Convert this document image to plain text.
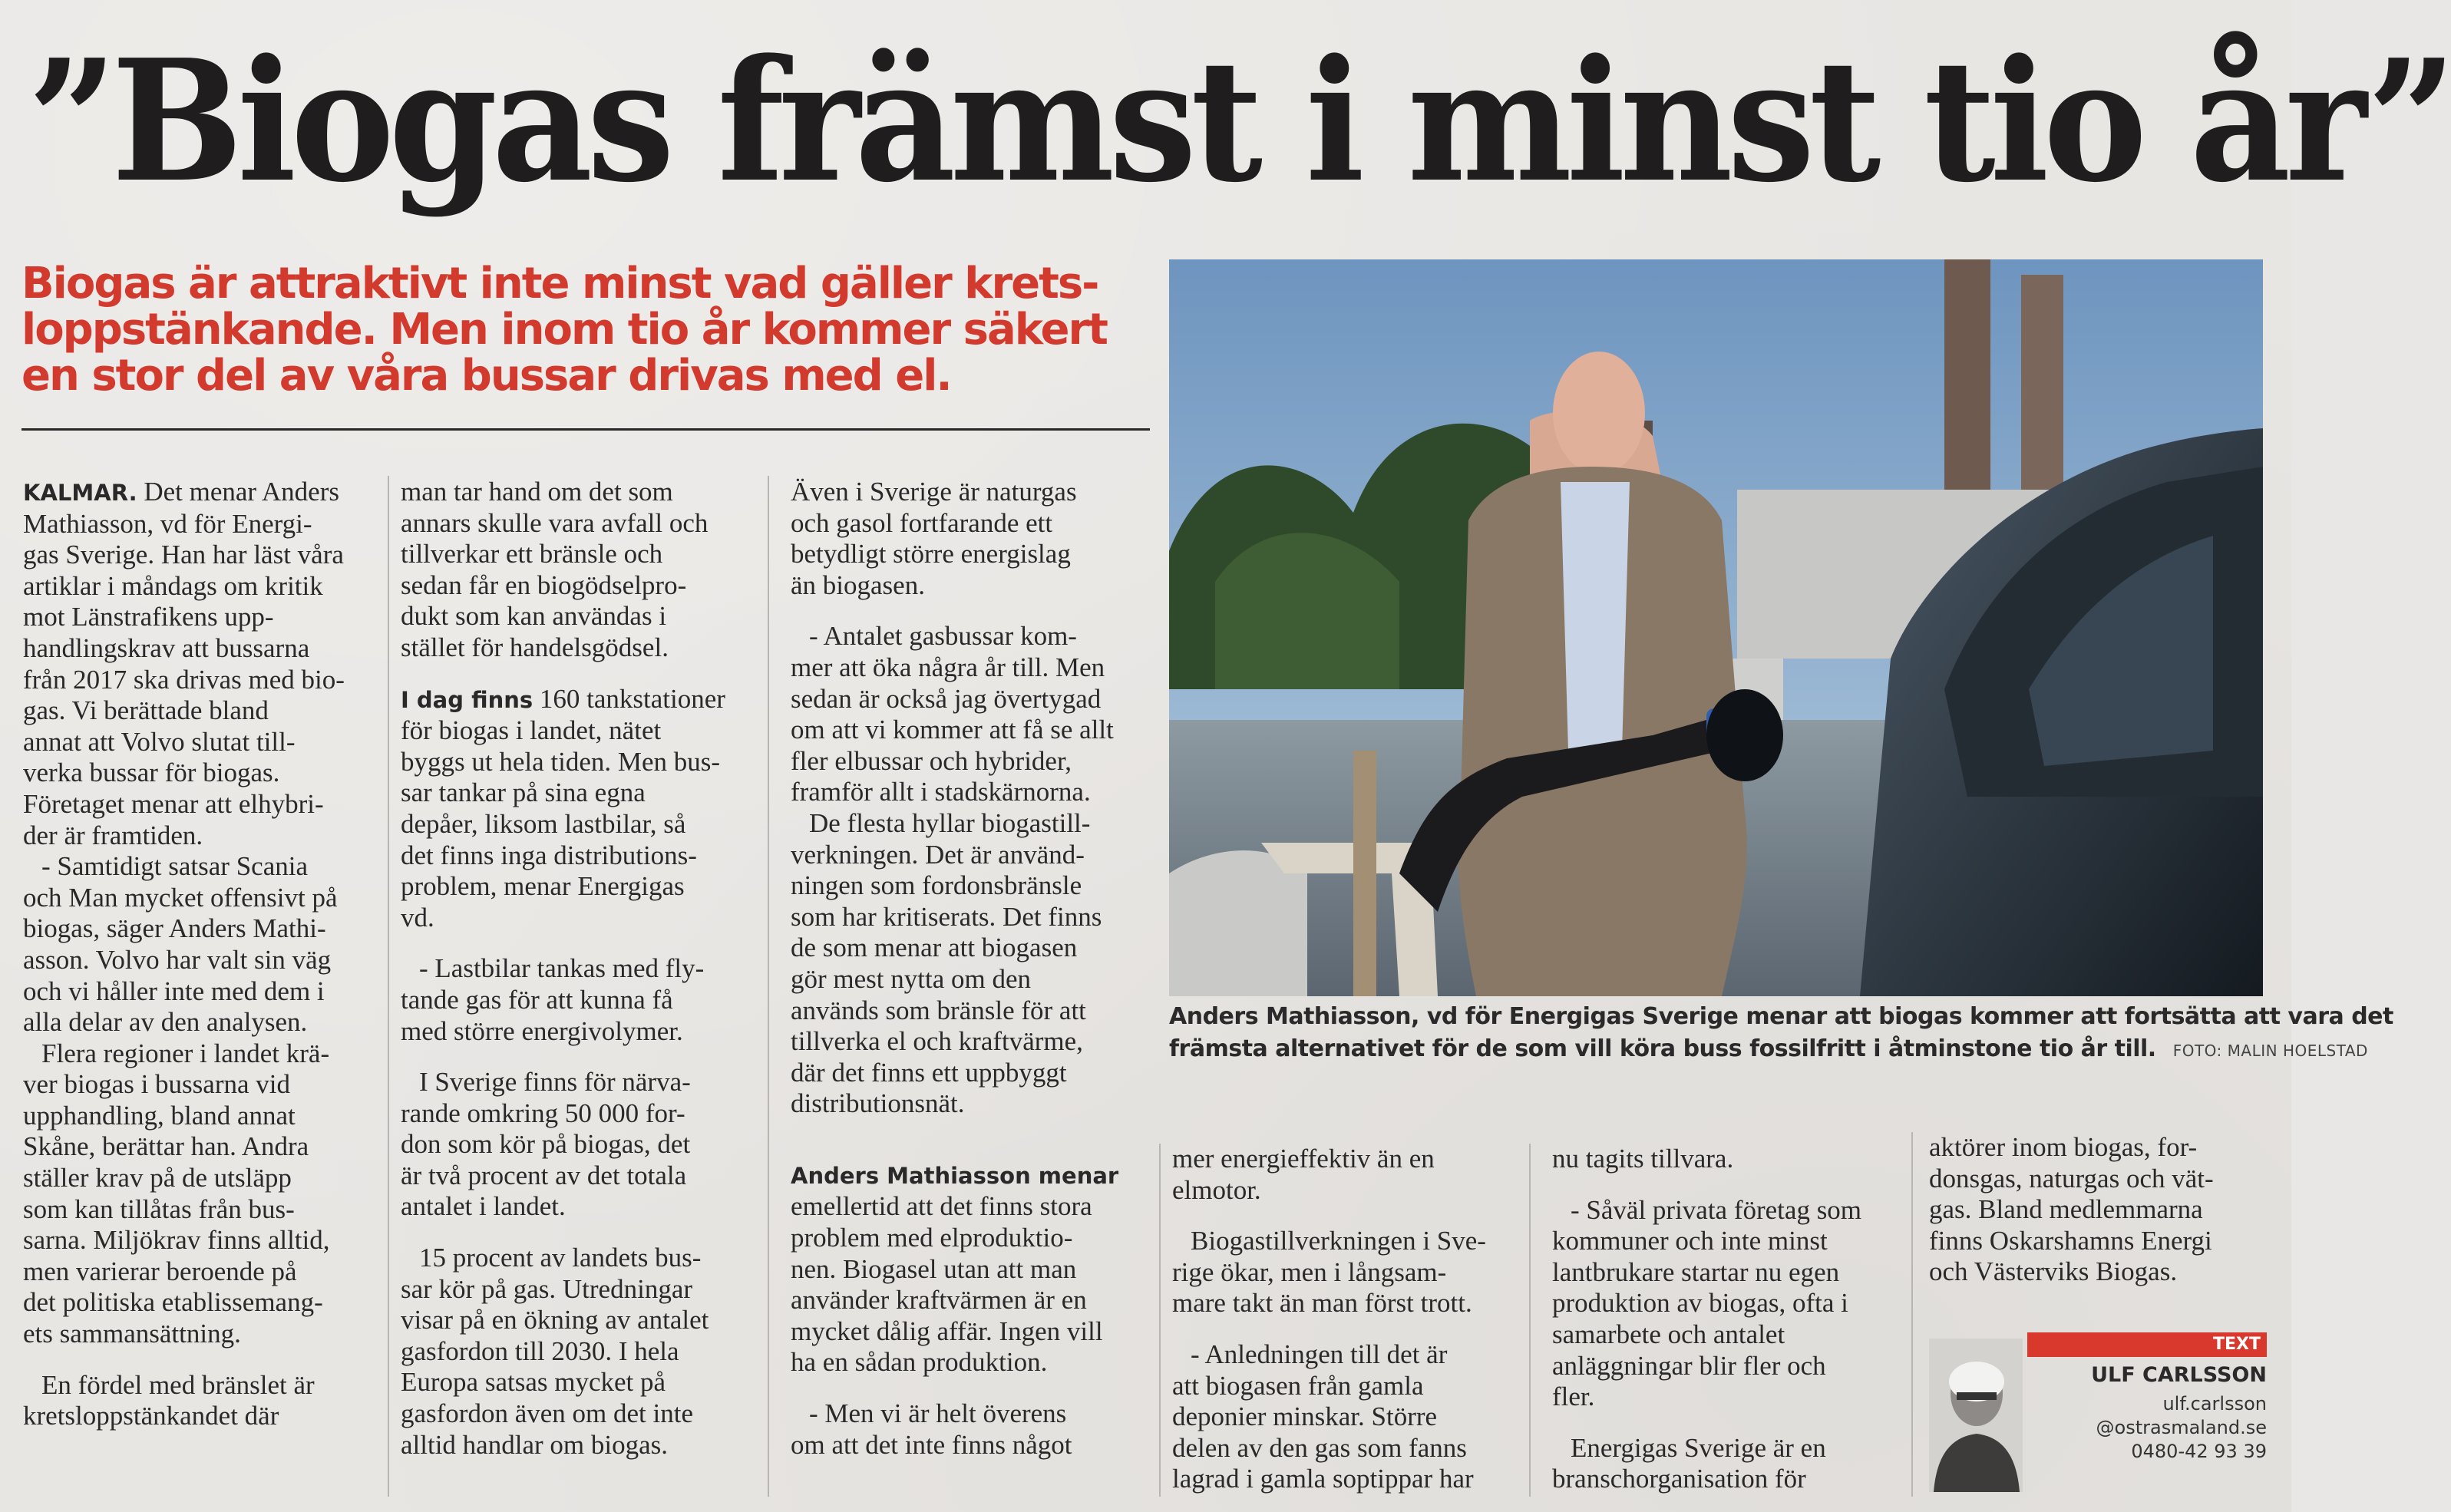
”Biogas främst i minst tio år”
Biogas är attraktivt inte minst vad gäller krets-
loppstänkande. Men inom tio år kommer säkert
en stor del av våra bussar drivas med el.
Anders Mathiasson, vd för Energigas Sverige menar att biogas kommer att fortsätta att vara det
främsta alternativet för de som vill köra buss fossilfritt i åtminstone tio år till. FOTO: MALIN HOELSTAD

KALMAR. Det menar Anders

Mathiasson, vd för Energi-

gas Sverige. Han har läst våra

artiklar i måndags om kritik

mot Länstrafikens upp-

handlingskrav att bussarna

från 2017 ska drivas med bio-

gas. Vi berättade bland

annat att Volvo slutat till-

verka bussar för biogas.

Företaget menar att elhybri-

der är framtiden.

- Samtidigt satsar Scania

och Man mycket offensivt på

biogas, säger Anders Mathi-

asson. Volvo har valt sin väg

och vi håller inte med dem i

alla delar av den analysen.

Flera regioner i landet krä-

ver biogas i bussarna vid

upphandling, bland annat

Skåne, berättar han. Andra

ställer krav på de utsläpp

som kan tillåtas från bus-

sarna. Miljökrav finns alltid,

men varierar beroende på

det politiska etablissemang-

ets sammansättning.

En fördel med bränslet är

kretsloppstänkandet där

man tar hand om det som

annars skulle vara avfall och

tillverkar ett bränsle och

sedan får en biogödselpro-

dukt som kan användas i

stället för handelsgödsel.

I dag finns 160 tankstationer

för biogas i landet, nätet

byggs ut hela tiden. Men bus-

sar tankar på sina egna

depåer, liksom lastbilar, så

det finns inga distributions-

problem, menar Energigas

vd.

- Lastbilar tankas med fly-

tande gas för att kunna få

med större energivolymer.

I Sverige finns för närva-

rande omkring 50 000 for-

don som kör på biogas, det

är två procent av det totala

antalet i landet.

15 procent av landets bus-

sar kör på gas. Utredningar

visar på en ökning av antalet

gasfordon till 2030. I hela

Europa satsas mycket på

gasfordon även om det inte

alltid handlar om biogas.

Även i Sverige är naturgas

och gasol fortfarande ett

betydligt större energislag

än biogasen.

- Antalet gasbussar kom-

mer att öka några år till. Men

sedan är också jag övertygad

om att vi kommer att få se allt

fler elbussar och hybrider,

framför allt i stadskärnorna.

De flesta hyllar biogastill-

verkningen. Det är använd-

ningen som fordonsbränsle

som har kritiserats. Det finns

de som menar att biogasen

gör mest nytta om den

används som bränsle för att

tillverka el och kraftvärme,

där det finns ett uppbyggt

distributionsnät.

Anders Mathiasson menar

emellertid att det finns stora

problem med elproduktio-

nen. Biogasel utan att man

använder kraftvärmen är en

mycket dålig affär. Ingen vill

ha en sådan produktion.

- Men vi är helt överens

om att det inte finns något

mer energieffektiv än en

elmotor.

Biogastillverkningen i Sve-

rige ökar, men i långsam-

mare takt än man först trott.

- Anledningen till det är

att biogasen från gamla

deponier minskar. Större

delen av den gas som fanns

lagrad i gamla soptippar har

nu tagits tillvara.

- Såväl privata företag som

kommuner och inte minst

lantbrukare startar nu egen

produktion av biogas, ofta i

samarbete och antalet

anläggningar blir fler och

fler.

Energigas Sverige är en

branschorganisation för

aktörer inom biogas, for-

donsgas, naturgas och vät-

gas. Bland medlemmarna

finns Oskarshamns Energi

och Västerviks Biogas.

TEXT
ULF CARLSSON
ulf.carlsson
@ostrasmaland.se
0480-42 93 39
